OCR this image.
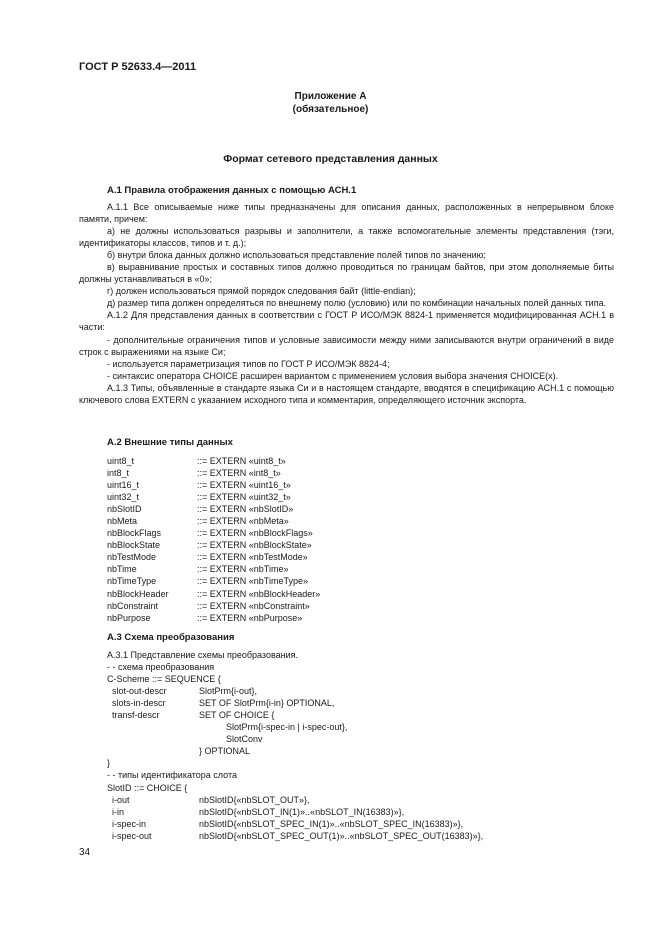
ГОСТ Р 52633.4—2011
Приложение А
(обязательное)
Формат сетевого представления данных
А.1 Правила отображения данных с помощью АСН.1

А.1.1 Все описываемые ниже типы предназначены для описания данных, расположенных в непрерывном блоке памяти, причем:

а) не должны использоваться разрывы и заполнители, а также вспомогательные элементы представления (тэги, идентификаторы классов, типов и т. д.);

б) внутри блока данных должно использоваться представление полей типов по значению;

в) выравнивание простых и составных типов должно проводиться по границам байтов, при этом дополняемые биты должны устанавливаться в «0»;

г) должен использоваться прямой порядок следования байт (little-endian);

д) размер типа должен определяться по внешнему полю (условию) или по комбинации начальных полей данных типа.

А.1.2 Для представления данных в соответствии с ГОСТ Р ИСО/МЭК 8824-1 применяется модифицированная АСН.1 в части:

- дополнительные ограничения типов и условные зависимости между ними записываются внутри ограничений в виде строк с выражениями на языке Си;

- используется параметризация типов по ГОСТ Р ИСО/МЭК 8824-4;

- синтаксис оператора CHOICE расширен вариантом с применением условия выбора значения CHOICE(x).

А.1.3 Типы, объявленные в стандарте языка Си и в настоящем стандарте, вводятся в спецификацию АСН.1 с помощью ключевого слова EXTERN с указанием исходного типа и комментария, определяющего источник экспорта.

А.2 Внешние типы данных
uint8_t	::= EXTERN «uint8_t»
int8_t	::= EXTERN «int8_t»
uint16_t	::= EXTERN «uint16_t»
uint32_t	::= EXTERN «uint32_t»
nbSlotID	::= EXTERN «nbSlotID»
nbMeta	::= EXTERN «nbMeta»
nbBlockFlags	::= EXTERN «nbBlockFlags»
nbBlockState	::= EXTERN «nbBlockState»
nbTestMode	::= EXTERN «nbTestMode»
nbTime	::= EXTERN «nbTime»
nbTimeType	::= EXTERN «nbTimeType»
nbBlockHeader	::= EXTERN «nbBlockHeader»
nbConstraint	::= EXTERN «nbConstraint»
nbPurpose	::= EXTERN «nbPurpose»
А.3 Схема преобразования
А.3.1 Представление схемы преобразования.
- - схема преобразования
C-Scheme ::= SEQUENCE {
slot-out-descr	SlotPrm{i-out},
slots-in-descr	SET OF SlotPrm{i-in} OPTIONAL,
transf-descr	SET OF CHOICE {
SlotPrm{i-spec-in | i-spec-out},
SlotConv
} OPTIONAL
}
- - типы идентификатора слота
SlotID ::= CHOICE {
i-out	nbSlotID{«nbSLOT_OUT»},
i-in	nbSlotID{«nbSLOT_IN(1)»..«nbSLOT_IN(16383)»},
i-spec-in	nbSlotID{«nbSLOT_SPEC_IN(1)»..«nbSLOT_SPEC_IN(16383)»},
i-spec-out	nbSlotID{«nbSLOT_SPEC_OUT(1)»..«nbSLOT_SPEC_OUT(16383)»},
34
